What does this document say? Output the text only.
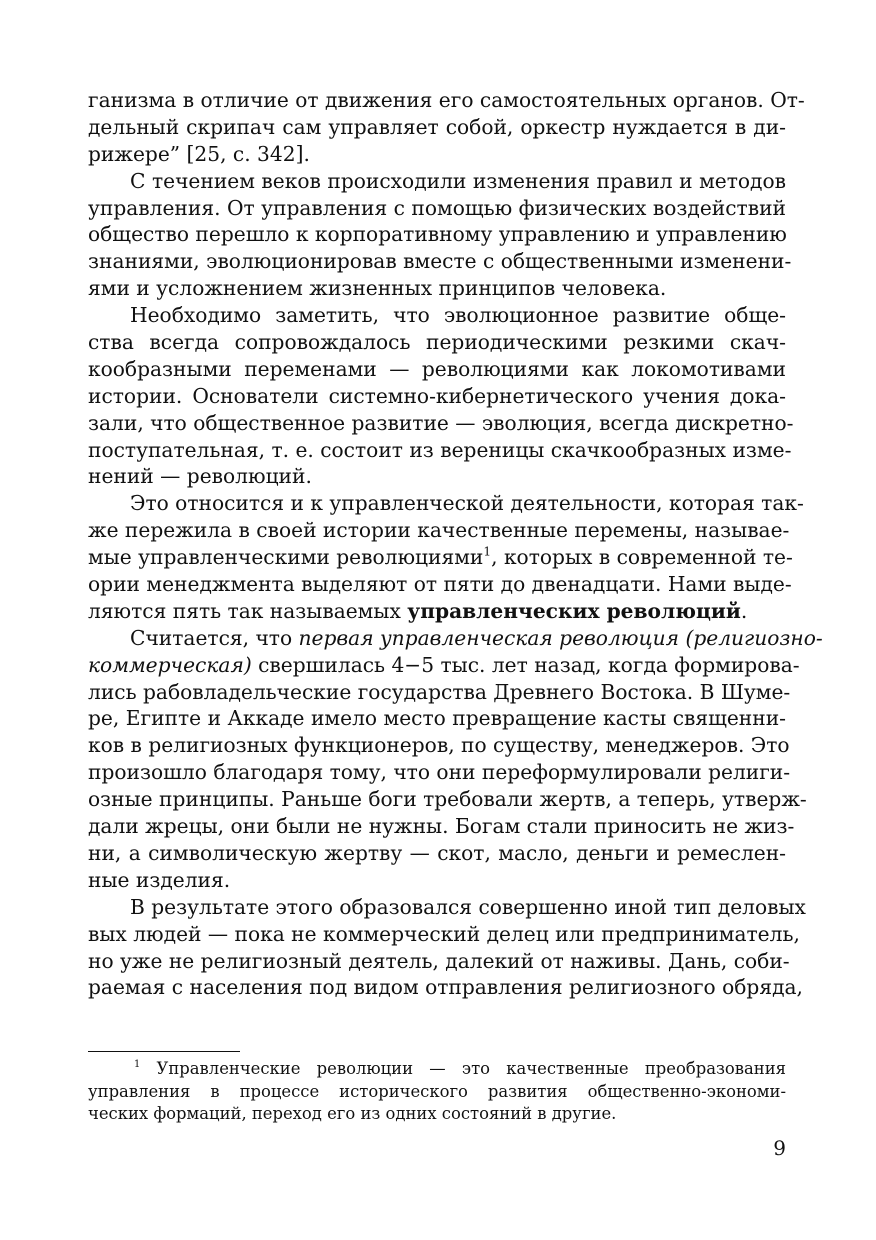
ганизма в отличие от движения его самостоятельных органов. От-
дельный скрипач сам управляет собой, оркестр нуждается в ди-
рижере” [25, с. 342].
С течением веков происходили изменения правил и методов
управления. От управления с помощью физических воздействий
общество перешло к корпоративному управлению и управлению
знаниями, эволюционировав вместе с общественными изменени-
ями и усложнением жизненных принципов человека.
Необходимо заметить, что эволюционное развитие обще-
ства всегда сопровождалось периодическими резкими скач-
кообразными переменами — революциями как локомотивами
истории. Основатели системно-кибернетического учения дока-
зали, что общественное развитие — эволюция, всегда дискретно-
поступательная, т. е. состоит из вереницы скачкообразных изме-
нений — революций.
Это относится и к управленческой деятельности, которая так-
же пережила в своей истории качественные перемены, называе-
мые управленческими революциями$^1$, которых в современной те-
ории менеджмента выделяют от пяти до двенадцати. Нами выде-
ляются пять так называемых управленческих революций.
Считается, что первая управленческая революция (религиозно-
коммерческая) свершилась 4−5 тыс. лет назад, когда формирова-
лись рабовладельческие государства Древнего Востока. В Шуме-
ре, Египте и Аккаде имело место превращение касты священни-
ков в религиозных функционеров, по существу, менеджеров. Это
произошло благодаря тому, что они переформулировали религи-
озные принципы. Раньше боги требовали жертв, а теперь, утверж-
дали жрецы, они были не нужны. Богам стали приносить не жиз-
ни, а символическую жертву — скот, масло, деньги и ремеслен-
ные изделия.
В результате этого образовался совершенно иной тип деловых
вых людей — пока не коммерческий делец или предприниматель,
но уже не религиозный деятель, далекий от наживы. Дань, соби-
раемая с населения под видом отправления религиозного обряда,
$^1$ Управленческие революции — это качественные преобразования
управления в процессе исторического развития общественно-экономи-
ческих формаций, переход его из одних состояний в другие.
9
